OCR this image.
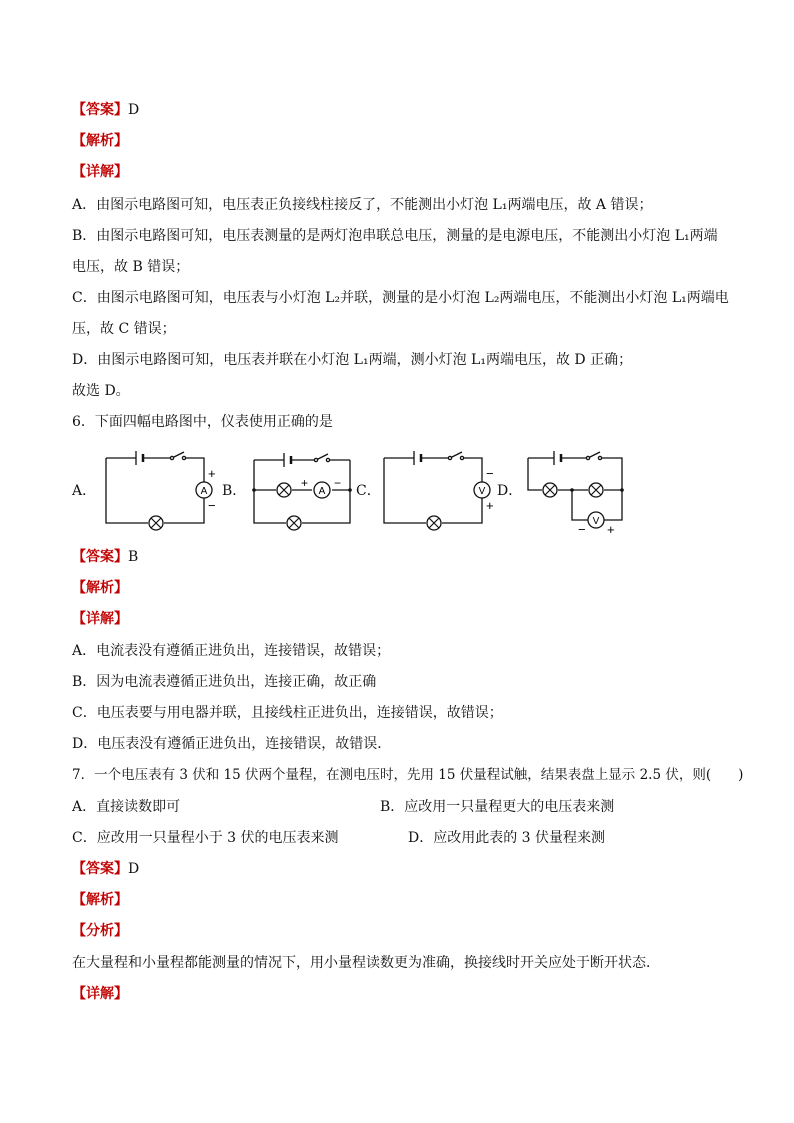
【答案】D
【解析】
【详解】
A．由图示电路图可知，电压表正负接线柱接反了，不能测出小灯泡 L₁两端电压，故 A 错误；
B．由图示电路图可知，电压表测量的是两灯泡串联总电压，测量的是电源电压，不能测出小灯泡 L₁两端
电压，故 B 错误；
C．由图示电路图可知，电压表与小灯泡 L₂并联，测量的是小灯泡 L₂两端电压，不能测出小灯泡 L₁两端电
压，故 C 错误；
D．由图示电路图可知，电压表并联在小灯泡 L₁两端，测小灯泡 L₁两端电压，故 D 正确；
故选 D。
6．下面四幅电路图中，仪表使用正确的是
A．	B．	C．	D．
A
+
−
+
A
−
V
−
+
V
− +
【答案】B
【解析】
【详解】
A．电流表没有遵循正进负出，连接错误，故错误；
B．因为电流表遵循正进负出，连接正确，故正确
C．电压表要与用电器并联，且接线柱正进负出，连接错误，故错误；
D．电压表没有遵循正进负出，连接错误，故错误．
7．一个电压表有 3 伏和 15 伏两个量程，在测电压时，先用 15 伏量程试触，结果表盘上显示 2.5 伏，则(　　)
A．直接读数即可	B．应改用一只量程更大的电压表来测
C．应改用一只量程小于 3 伏的电压表来测	D．应改用此表的 3 伏量程来测
【答案】D
【解析】
【分析】
在大量程和小量程都能测量的情况下，用小量程读数更为准确，换接线时开关应处于断开状态．
【详解】
